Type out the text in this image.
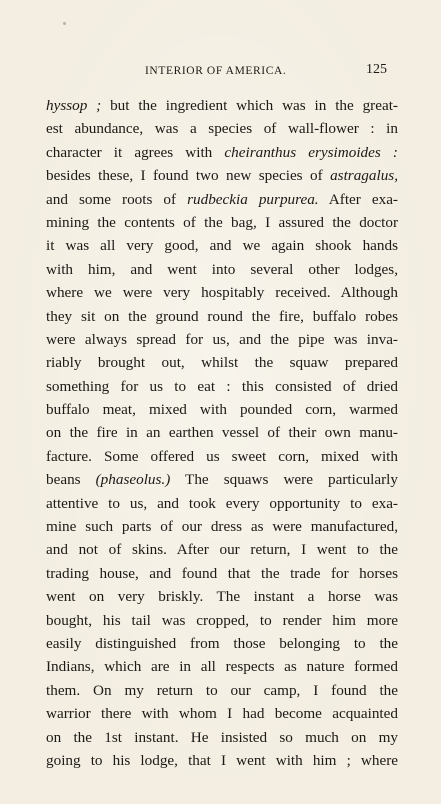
INTERIOR OF AMERICA.	125
hyssop ; but the ingredient which was in the great-
est abundance, was a species of wall-flower : in
character it agrees with cheiranthus erysimoides :
besides these, I found two new species of astragalus,
and some roots of rudbeckia purpurea. After exa-
mining the contents of the bag, I assured the doctor
it was all very good, and we again shook hands
with him, and went into several other lodges,
where we were very hospitably received. Although
they sit on the ground round the fire, buffalo robes
were always spread for us, and the pipe was inva-
riably brought out, whilst the squaw prepared
something for us to eat : this consisted of dried
buffalo meat, mixed with pounded corn, warmed
on the fire in an earthen vessel of their own manu-
facture. Some offered us sweet corn, mixed with
beans (phaseolus.) The squaws were particularly
attentive to us, and took every opportunity to exa-
mine such parts of our dress as were manufactured,
and not of skins. After our return, I went to the
trading house, and found that the trade for horses
went on very briskly. The instant a horse was
bought, his tail was cropped, to render him more
easily distinguished from those belonging to the
Indians, which are in all respects as nature formed
them. On my return to our camp, I found the
warrior there with whom I had become acquainted
on the 1st instant. He insisted so much on my
going to his lodge, that I went with him ; where
